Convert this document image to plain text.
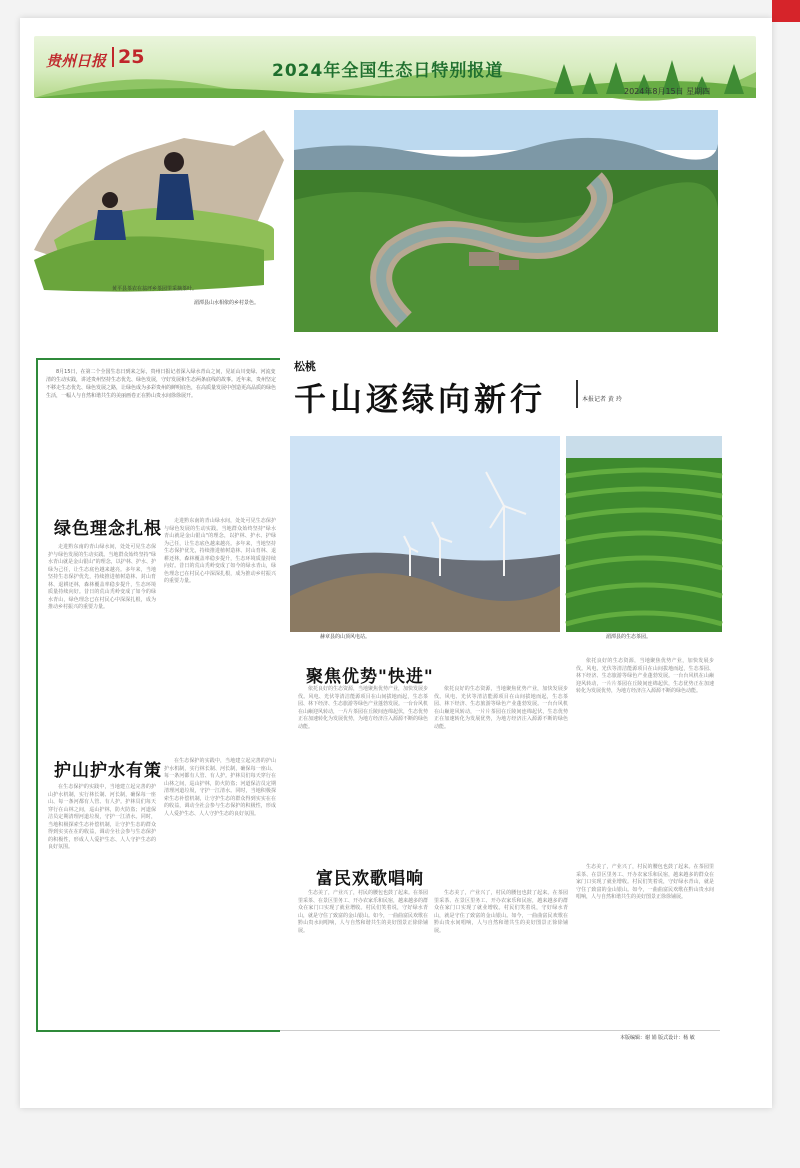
贵州日报 25
2024年全国生态日特别报道
2024年8月15日 星期四
黄平县茶农在翁坪乡茶园里采摘茶叶。
湄潭县山水相依的乡村景色。
8月15日，在第二个全国生态日到来之际，贵州日报记者深入绿水青山之间，见证山川变绿、河流变清的生动实践，讲述贵州坚持生态优先、绿色发展，守好发展和生态两条底线的故事。近年来，贵州坚定不移走生态优先、绿色发展之路，让绿色成为多彩贵州的鲜明底色，在高质量发展中创造更高品质的绿色生活，一幅人与自然和谐共生的美丽画卷正在黔山贵水间徐徐展开。
绿色理念扎根
走进黔东南的青山绿水间，处处可见生态保护与绿色发展的生动实践。当地群众始终坚持"绿水青山就是金山银山"的理念，以护林、护水、护绿为己任，让生态底色越来越亮。多年来，当地坚持生态保护优先，持续推进植树造林、封山育林、退耕还林，森林覆盖率稳步提升，生态环境质量持续向好。昔日的荒山秃岭变成了如今的绿水青山，绿色理念已在村民心中深深扎根，成为推动乡村振兴的重要力量。
走进黔东南的青山绿水间，处处可见生态保护与绿色发展的生动实践。当地群众始终坚持"绿水青山就是金山银山"的理念，以护林、护水、护绿为己任，让生态底色越来越亮。多年来，当地坚持生态保护优先，持续推进植树造林、封山育林、退耕还林，森林覆盖率稳步提升，生态环境质量持续向好。昔日的荒山秃岭变成了如今的绿水青山，绿色理念已在村民心中深深扎根，成为推动乡村振兴的重要力量。
护山护水有策
在生态保护的实践中，当地建立起完善的护山护水机制，实行林长制、河长制，确保每一座山、每一条河都有人管、有人护。护林员们每天穿行在山林之间，巡山护林，防火防盗；河道保洁员定期清理河道垃圾，守护一江清水。同时，当地积极探索生态补偿机制，让守护生态的群众得到实实在在的收益，调动全社会参与生态保护的积极性，形成人人爱护生态、人人守护生态的良好氛围。
在生态保护的实践中，当地建立起完善的护山护水机制，实行林长制、河长制，确保每一座山、每一条河都有人管、有人护。护林员们每天穿行在山林之间，巡山护林，防火防盗；河道保洁员定期清理河道垃圾，守护一江清水。同时，当地积极探索生态补偿机制，让守护生态的群众得到实实在在的收益，调动全社会参与生态保护的积极性，形成人人爱护生态、人人守护生态的良好氛围。
松桃
千山逐绿向新行	本报记者 黄 玲
赫章县的山顶风电站。	湄潭县的生态茶园。
聚焦优势"快进"
依托良好的生态资源，当地聚焦优势产业，加快发展步伐。风电、光伏等清洁能源项目在山间拔地而起，生态茶园、林下经济、生态旅游等绿色产业蓬勃发展。一台台风机在山巅迎风转动，一片片茶园在丘陵间连绵起伏，生态优势正在加速转化为发展优势，为地方经济注入源源不断的绿色动能。
依托良好的生态资源，当地聚焦优势产业，加快发展步伐。风电、光伏等清洁能源项目在山间拔地而起，生态茶园、林下经济、生态旅游等绿色产业蓬勃发展。一台台风机在山巅迎风转动，一片片茶园在丘陵间连绵起伏，生态优势正在加速转化为发展优势，为地方经济注入源源不断的绿色动能。
依托良好的生态资源，当地聚焦优势产业，加快发展步伐。风电、光伏等清洁能源项目在山间拔地而起，生态茶园、林下经济、生态旅游等绿色产业蓬勃发展。一台台风机在山巅迎风转动，一片片茶园在丘陵间连绵起伏，生态优势正在加速转化为发展优势，为地方经济注入源源不断的绿色动能。
富民欢歌唱响
生态美了，产业兴了，村民的腰包也鼓了起来。在茶园里采茶、在景区里务工、开办农家乐和民宿，越来越多的群众在家门口实现了就业增收。村民们笑着说，守好绿水青山，就是守住了致富的金山银山。如今，一曲曲富民欢歌在黔山贵水间唱响，人与自然和谐共生的美好图景正徐徐铺展。
生态美了，产业兴了，村民的腰包也鼓了起来。在茶园里采茶、在景区里务工、开办农家乐和民宿，越来越多的群众在家门口实现了就业增收。村民们笑着说，守好绿水青山，就是守住了致富的金山银山。如今，一曲曲富民欢歌在黔山贵水间唱响，人与自然和谐共生的美好图景正徐徐铺展。
生态美了，产业兴了，村民的腰包也鼓了起来。在茶园里采茶、在景区里务工、开办农家乐和民宿，越来越多的群众在家门口实现了就业增收。村民们笑着说，守好绿水青山，就是守住了致富的金山银山。如今，一曲曲富民欢歌在黔山贵水间唱响，人与自然和谐共生的美好图景正徐徐铺展。
本版编辑：谢 娟 版式设计：杨 敏
